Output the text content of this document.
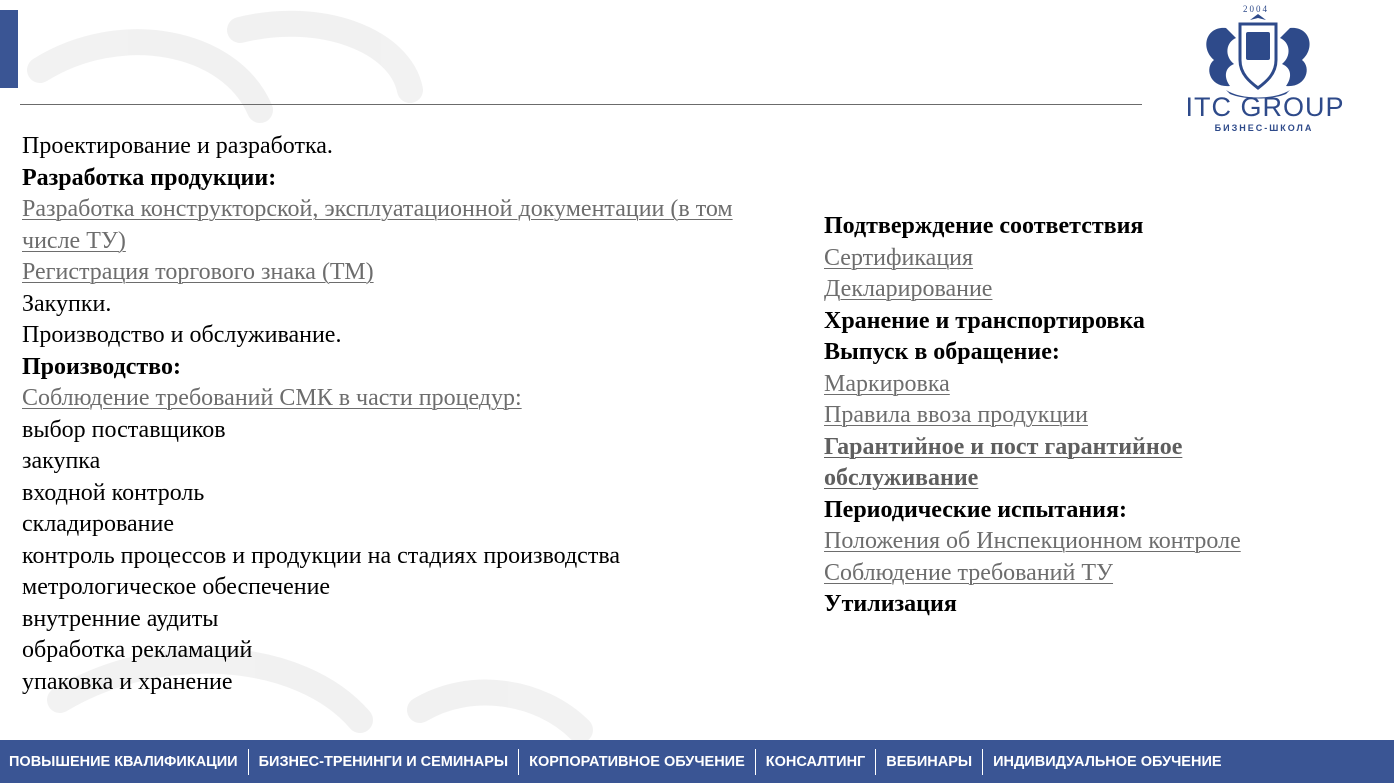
2004
ITC GROUP
БИЗНЕС-ШКОЛА
Проектирование и разработка.
Разработка продукции:
Разработка конструкторской, эксплуатационной документации (в том числе ТУ)
Регистрация торгового знака (ТМ)
Закупки.
Производство и обслуживание.
Производство:
Соблюдение требований СМК в части процедур:
выбор поставщиков
закупка
входной контроль
складирование
контроль процессов и продукции на стадиях производства
метрологическое обеспечение
внутренние аудиты
обработка рекламаций
упаковка и хранение
Подтверждение соответствия
Сертификация
Декларирование
Хранение и транспортировка
Выпуск в обращение:
Маркировка
Правила ввоза продукции
Гарантийное и пост гарантийное обслуживание
Периодические испытания:
Положения об Инспекционном контроле
Соблюдение требований ТУ
Утилизация
ПОВЫШЕНИЕ КВАЛИФИКАЦИИ	БИЗНЕС-ТРЕНИНГИ И СЕМИНАРЫ	КОРПОРАТИВНОЕ ОБУЧЕНИЕ	КОНСАЛТИНГ	ВЕБИНАРЫ	ИНДИВИДУАЛЬНОЕ ОБУЧЕНИЕ
